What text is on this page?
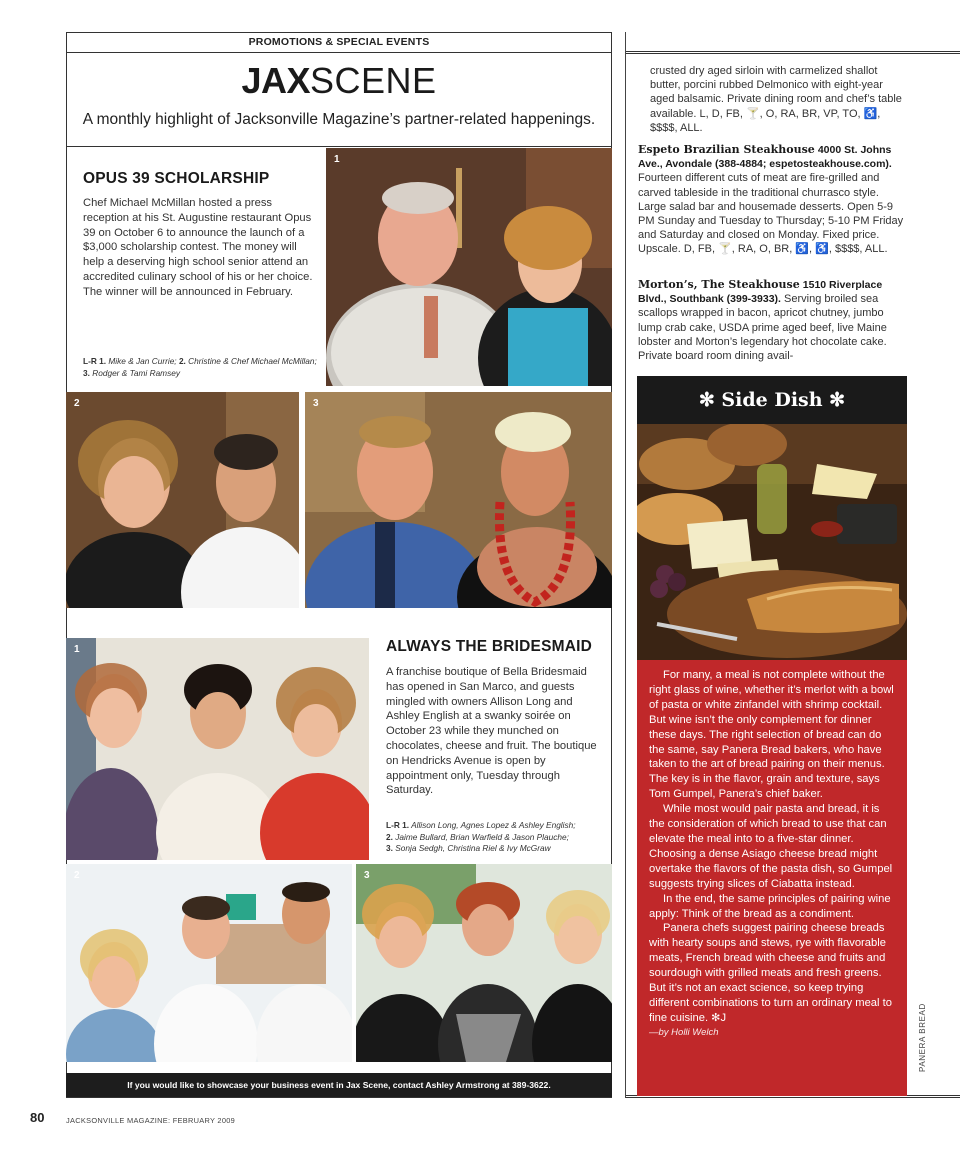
PROMOTIONS & SPECIAL EVENTS
JAXSCENE
A monthly highlight of Jacksonville Magazine’s partner-related happenings.
OPUS 39 SCHOLARSHIP
Chef Michael McMillan hosted a press reception at his St. Augustine restaurant Opus 39 on October 6 to announce the launch of a $3,000 scholarship contest. The money will help a deserving high school senior attend an accredited culinary school of his or her choice. The winner will be announced in February.
L-R 1. Mike & Jan Currie; 2. Christine & Chef Michael McMillan;
3. Rodger & Tami Ramsey
1
2	3
1	ALWAYS THE BRIDESMAID
A franchise boutique of Bella Bridesmaid has opened in San Marco, and guests mingled with owners Allison Long and Ashley English at a swanky soirée on October 23 while they munched on chocolates, cheese and fruit. The boutique on Hendricks Avenue is open by appointment only, Tuesday through Saturday.
L-R 1. Allison Long, Agnes Lopez & Ashley English;
2. Jaime Bullard, Brian Warfield & Jason Plauche;
3. Sonja Sedgh, Christina Riel & Ivy McGraw
2	3
If you would like to showcase your business event in Jax Scene, contact Ashley Armstrong at 389-3622.
80	JACKSONVILLE MAGAZINE: FEBRUARY 2009
crusted dry aged sirloin with carmelized shallot butter, porcini rubbed Delmonico with eight-year aged balsamic. Private dining room and chef’s table available. L, D, FB, 🍸, O, RA, BR, VP, TO, ♿, $$$$, ALL.
Espeto Brazilian Steakhouse 4000 St. Johns Ave., Avondale (388-4884; espetosteakhouse.com). Fourteen different cuts of meat are fire-grilled and carved tableside in the traditional churrasco style. Large salad bar and housemade desserts. Open 5-9 PM Sunday and Tuesday to Thursday; 5-10 PM Friday and Saturday and closed on Monday. Fixed price. Upscale. D, FB, 🍸, RA, O, BR, ♿, ♿, $$$$, ALL.
Morton’s, The Steakhouse 1510 Riverplace Blvd., Southbank (399-3933). Serving broiled sea scallops wrapped in bacon, apricot chutney, jumbo lump crab cake, USDA prime aged beef, live Maine lobster and Morton’s legendary hot chocolate cake. Private board room dining avail-
✻ Side Dish ✻

For many, a meal is not complete without the right glass of wine, whether it’s merlot with a bowl of pasta or white zinfandel with shrimp cocktail. But wine isn’t the only complement for dinner these days. The right selection of bread can do the same, say Panera Bread bakers, who have taken to the art of bread pairing on their menus. The key is in the flavor, grain and texture, says Tom Gumpel, Panera’s chief baker.

While most would pair pasta and bread, it is the consideration of which bread to use that can elevate the meal into to a five-star dinner. Choosing a dense Asiago cheese bread might overtake the flavors of the pasta dish, so Gumpel suggests trying slices of Ciabatta instead.

In the end, the same principles of pairing wine apply: Think of the bread as a condiment.

Panera chefs suggest pairing cheese breads with hearty soups and stews, rye with flavorable meats, French bread with cheese and fruits and sourdough with grilled meats and fresh greens. But it’s not an exact science, so keep trying different combinations to turn an ordinary meal to fine cuisine. ✻J

—by Holli Welch	PANERA BREAD
